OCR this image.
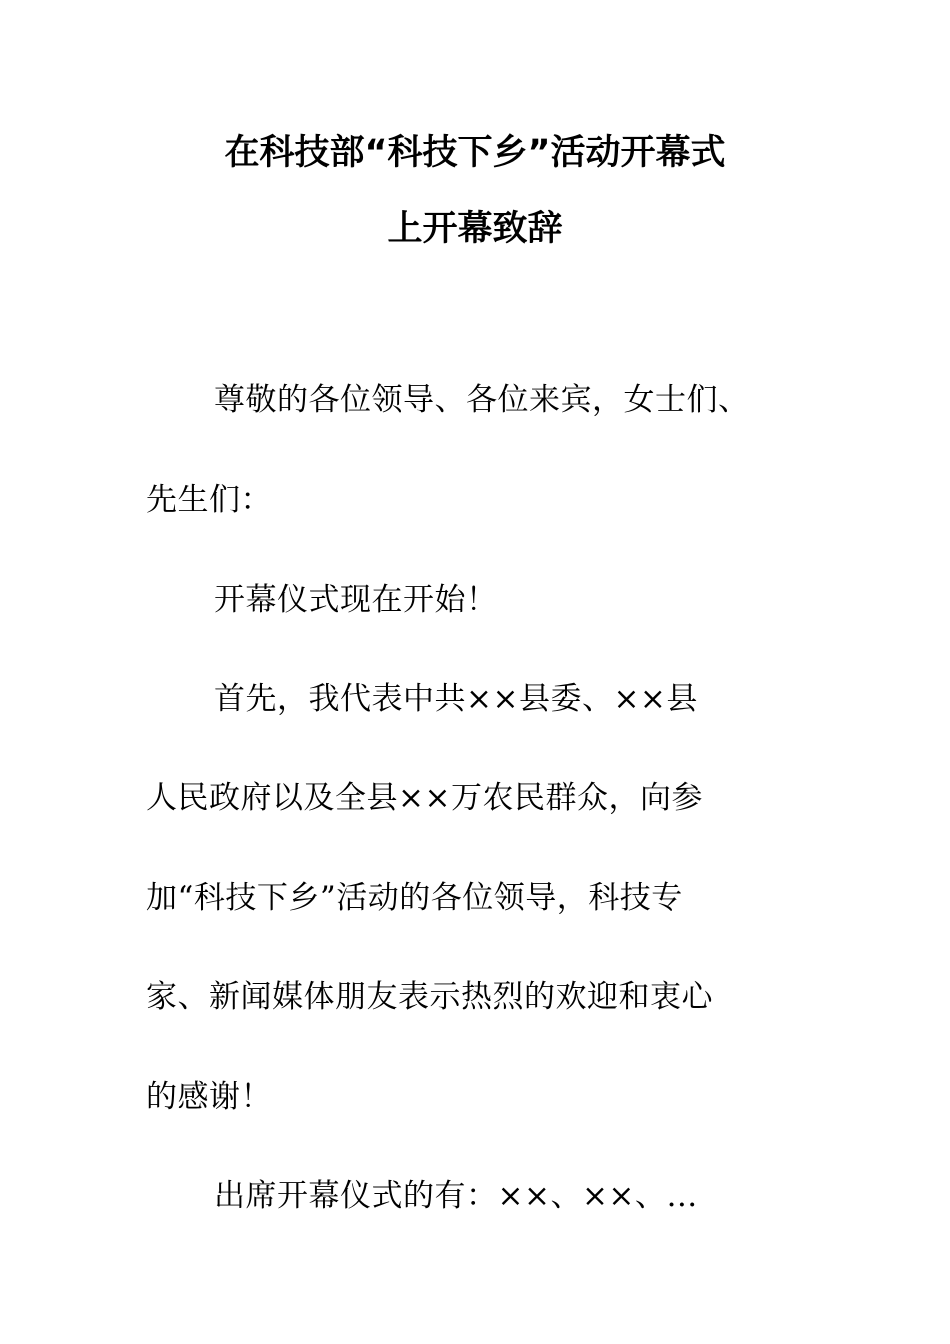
在科技部“科技下乡”活动开幕式
上开幕致辞
尊敬的各位领导、各位来宾，女士们、
先生们：
开幕仪式现在开始！
首先，我代表中共××县委、××县
人民政府以及全县××万农民群众，向参
加“科技下乡”活动的各位领导，科技专
家、新闻媒体朋友表示热烈的欢迎和衷心
的感谢！
出席开幕仪式的有：××、××、…
